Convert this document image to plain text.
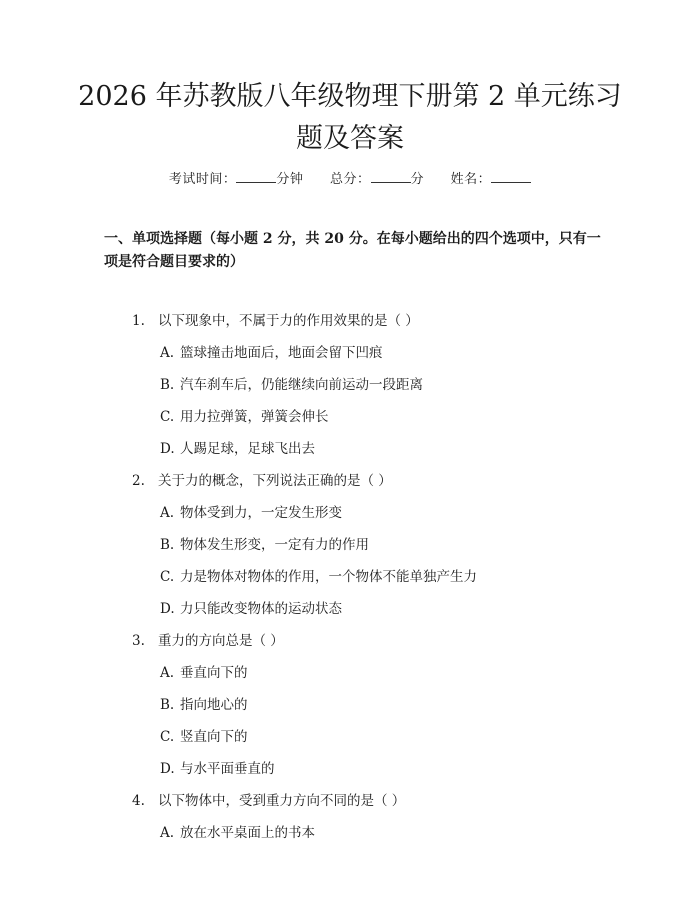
2026 年苏教版八年级物理下册第 2 单元练习
题及答案
考试时间：	分钟 总分：	分 姓名：

一、单项选择题（每小题 2 分，共 20 分。在每小题给出的四个选项中，只有一项是符合题目要求的）

1. 以下现象中，不属于力的作用效果的是（ ）
A. 篮球撞击地面后，地面会留下凹痕
B. 汽车刹车后，仍能继续向前运动一段距离
C. 用力拉弹簧，弹簧会伸长
D. 人踢足球，足球飞出去
2. 关于力的概念，下列说法正确的是（ ）
A. 物体受到力，一定发生形变
B. 物体发生形变，一定有力的作用
C. 力是物体对物体的作用，一个物体不能单独产生力
D. 力只能改变物体的运动状态
3. 重力的方向总是（ ）
A. 垂直向下的
B. 指向地心的
C. 竖直向下的
D. 与水平面垂直的
4. 以下物体中，受到重力方向不同的是（ ）
A. 放在水平桌面上的书本
